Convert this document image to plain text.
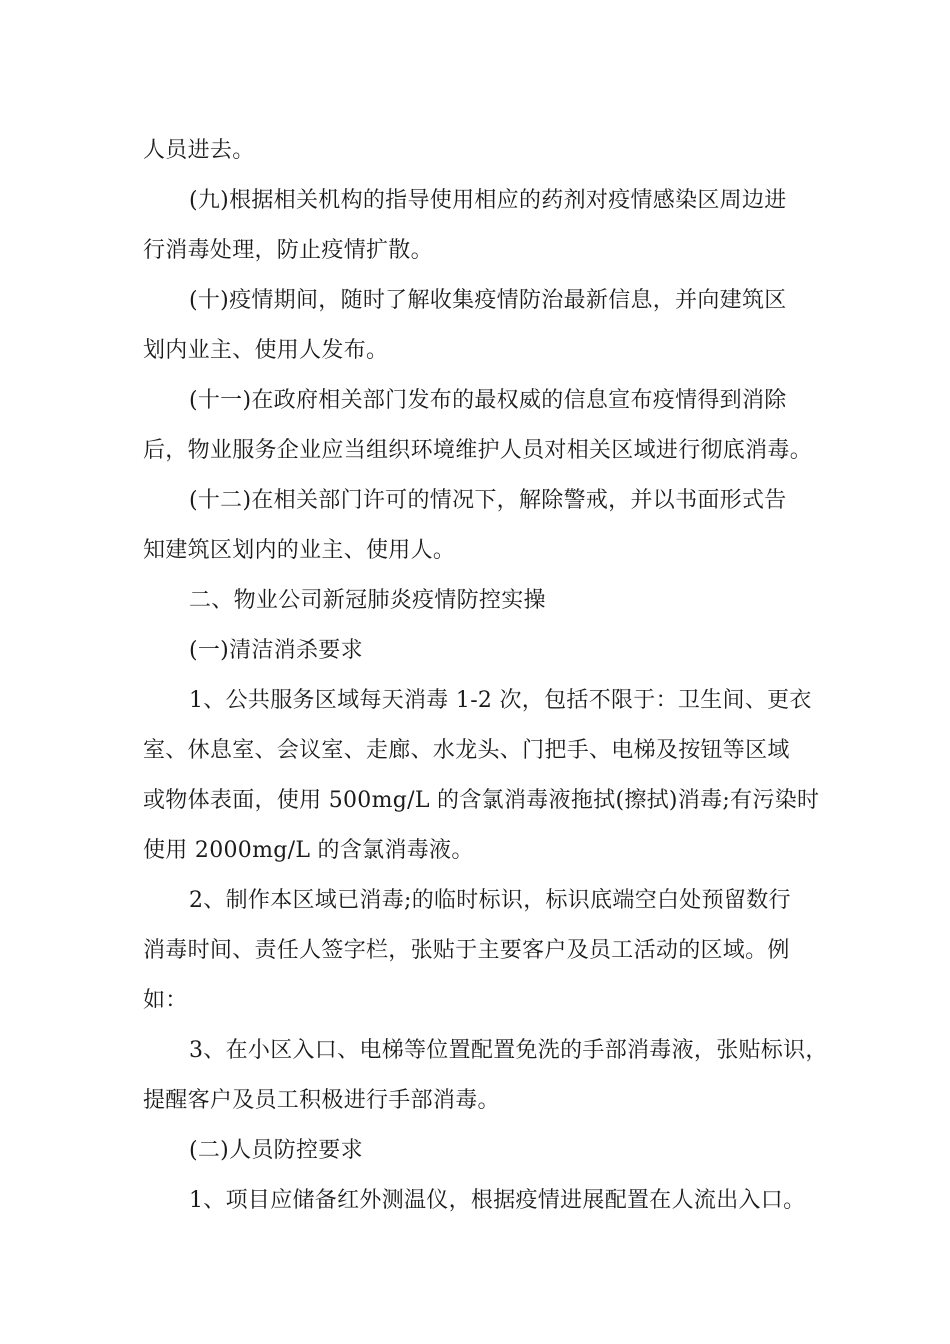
人员进去。
(九)根据相关机构的指导使用相应的药剂对疫情感染区周边进
行消毒处理，防止疫情扩散。
(十)疫情期间，随时了解收集疫情防治最新信息，并向建筑区
划内业主、使用人发布。
(十一)在政府相关部门发布的最权威的信息宣布疫情得到消除
后，物业服务企业应当组织环境维护人员对相关区域进行彻底消毒。
(十二)在相关部门许可的情况下，解除警戒，并以书面形式告
知建筑区划内的业主、使用人。
二、物业公司新冠肺炎疫情防控实操
(一)清洁消杀要求
1、公共服务区域每天消毒 1-2 次，包括不限于：卫生间、更衣
室、休息室、会议室、走廊、水龙头、门把手、电梯及按钮等区域
或物体表面，使用 500mg/L 的含氯消毒液拖拭(擦拭)消毒;有污染时
使用 2000mg/L 的含氯消毒液。
2、制作本区域已消毒;的临时标识，标识底端空白处预留数行
消毒时间、责任人签字栏，张贴于主要客户及员工活动的区域。例
如：
3、在小区入口、电梯等位置配置免洗的手部消毒液，张贴标识，
提醒客户及员工积极进行手部消毒。
(二)人员防控要求
1、项目应储备红外测温仪，根据疫情进展配置在人流出入口。
